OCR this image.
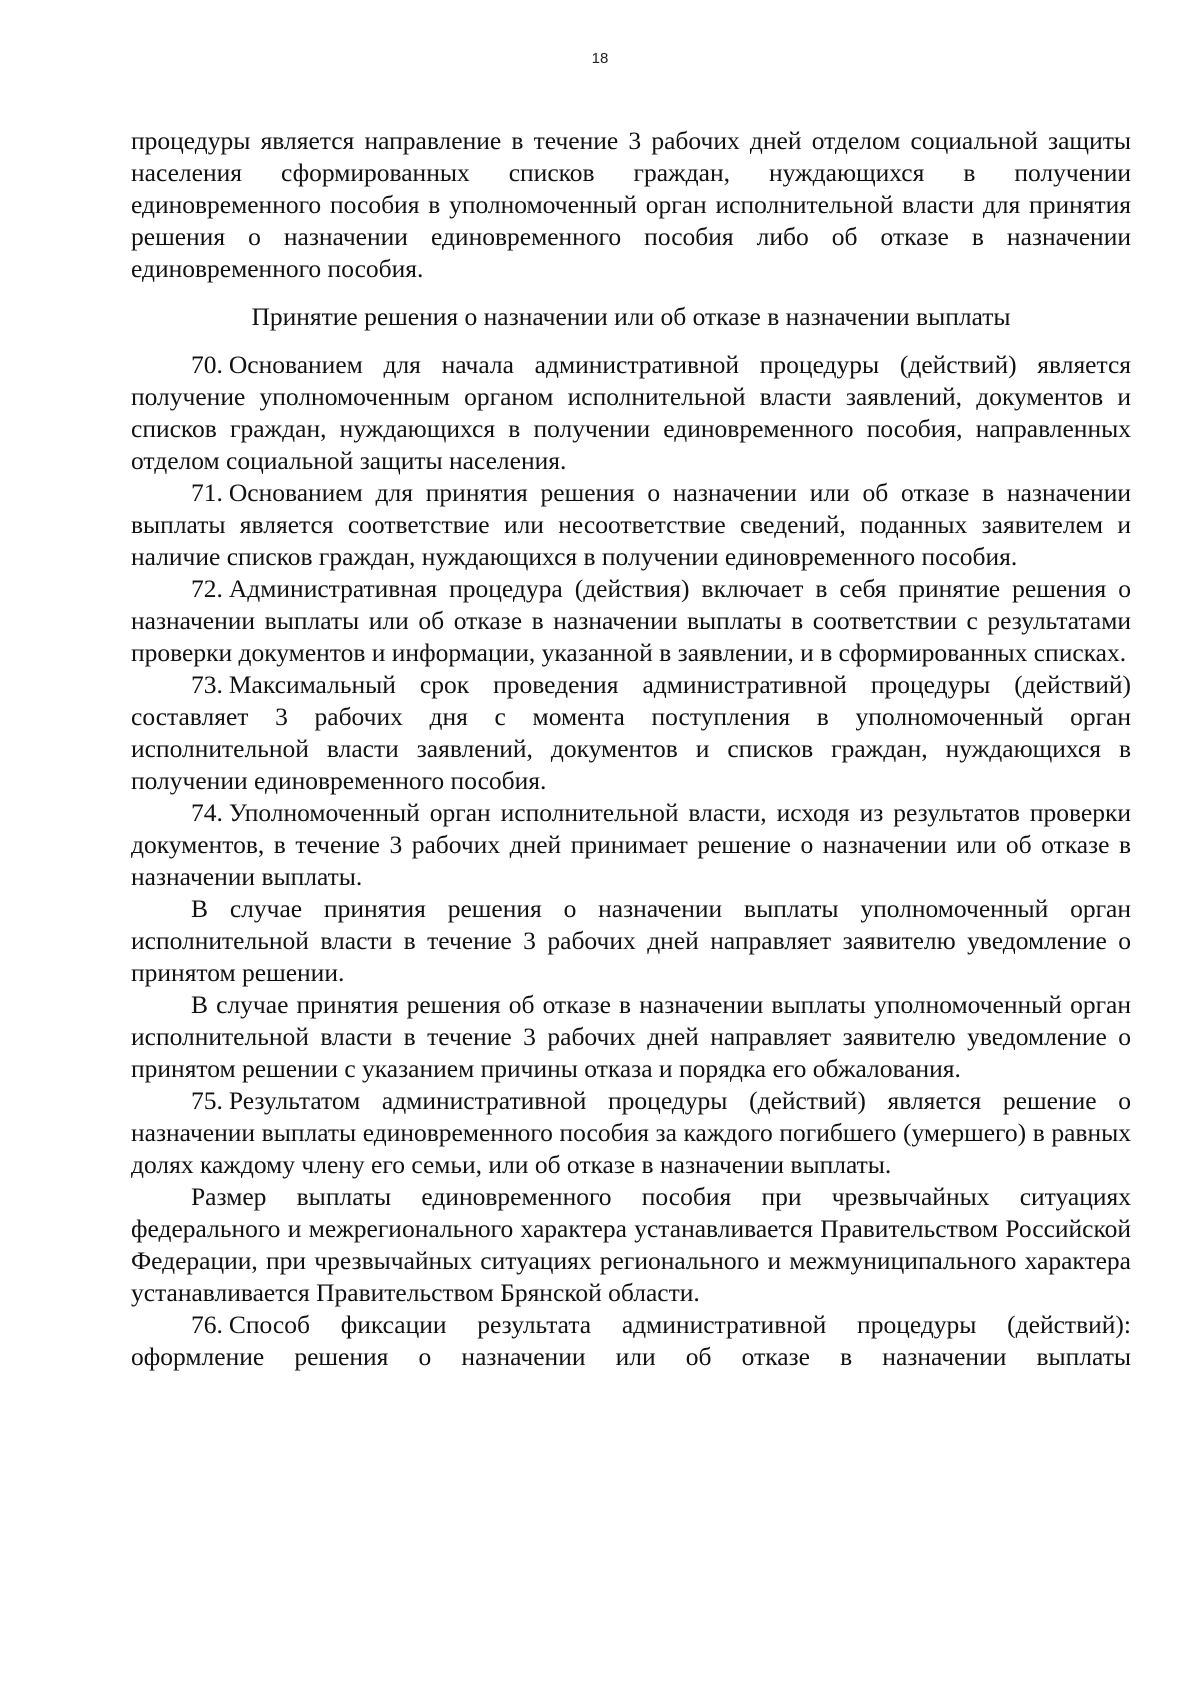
18

процедуры является направление в течение 3 рабочих дней отделом социальной защиты населения сформированных списков граждан, нуждающихся в получении единовременного пособия в уполномоченный орган исполнительной власти для принятия решения о назначении единовременного пособия либо об отказе в назначении единовременного пособия.

Принятие решения о назначении или об отказе в назначении выплаты

70. Основанием для начала административной процедуры (действий) является получение уполномоченным органом исполнительной власти заявлений, документов и списков граждан, нуждающихся в получении единовременного пособия, направленных отделом социальной защиты населения.

71. Основанием для принятия решения о назначении или об отказе в назначении выплаты является соответствие или несоответствие сведений, поданных заявителем и наличие списков граждан, нуждающихся в получении единовременного пособия.

72. Административная процедура (действия) включает в себя принятие решения о назначении выплаты или об отказе в назначении выплаты в соответствии с результатами проверки документов и информации, указанной в заявлении, и в сформированных списках.

73. Максимальный срок проведения административной процедуры (действий) составляет 3 рабочих дня с момента поступления в уполномоченный орган исполнительной власти заявлений, документов и списков граждан, нуждающихся в получении единовременного пособия.

74. Уполномоченный орган исполнительной власти, исходя из результатов проверки документов, в течение 3 рабочих дней принимает решение о назначении или об отказе в назначении выплаты.

В случае принятия решения о назначении выплаты уполномоченный орган исполнительной власти в течение 3 рабочих дней направляет заявителю уведомление о принятом решении.

В случае принятия решения об отказе в назначении выплаты уполномоченный орган исполнительной власти в течение 3 рабочих дней направляет заявителю уведомление о принятом решении с указанием причины отказа и порядка его обжалования.

75. Результатом административной процедуры (действий) является решение о назначении выплаты единовременного пособия за каждого погибшего (умершего) в равных долях каждому члену его семьи, или об отказе в назначении выплаты.

Размер выплаты единовременного пособия при чрезвычайных ситуациях федерального и межрегионального характера устанавливается Правительством Российской Федерации, при чрезвычайных ситуациях регионального и межмуниципального характера устанавливается Правительством Брянской области.

76. Способ фиксации результата административной процедуры (действий): оформление решения о назначении или об отказе в назначении выплаты
